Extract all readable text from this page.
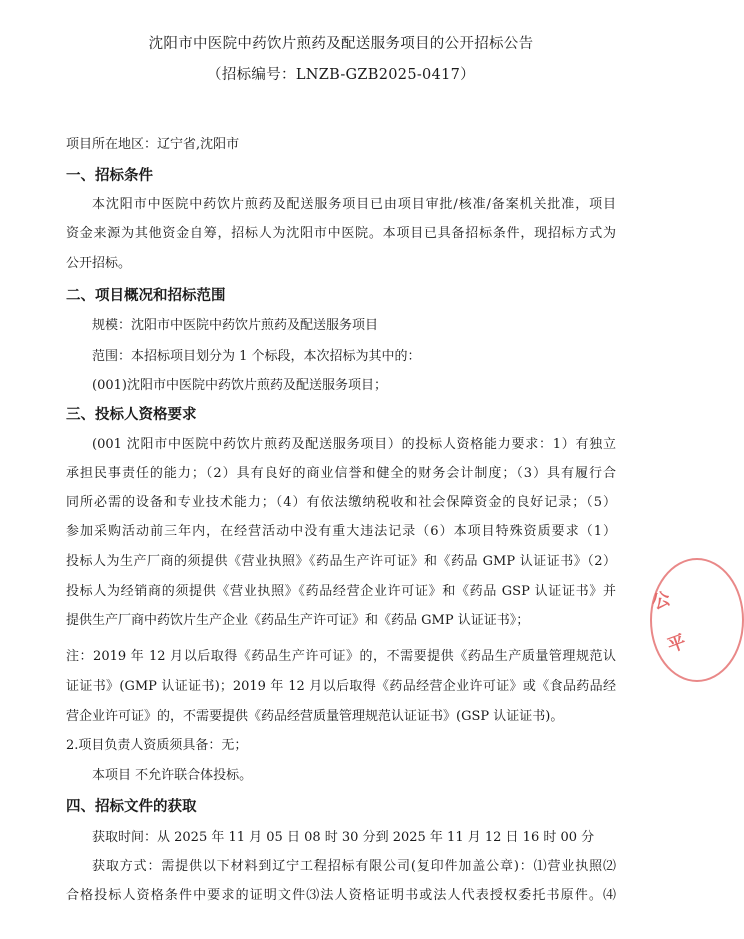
沈阳市中医院中药饮片煎药及配送服务项目的公开招标公告
（招标编号：LNZB-GZB2025-0417）
项目所在地区：辽宁省,沈阳市
一、招标条件
本沈阳市中医院中药饮片煎药及配送服务项目已由项目审批/核准/备案机关批准，项目
资金来源为其他资金自筹，招标人为沈阳市中医院。本项目已具备招标条件，现招标方式为
公开招标。
二、项目概况和招标范围
规模：沈阳市中医院中药饮片煎药及配送服务项目
范围：本招标项目划分为 1 个标段，本次招标为其中的：
(001)沈阳市中医院中药饮片煎药及配送服务项目；
三、投标人资格要求
(001 沈阳市中医院中药饮片煎药及配送服务项目）的投标人资格能力要求：1）有独立
承担民事责任的能力；（2）具有良好的商业信誉和健全的财务会计制度；（3）具有履行合
同所必需的设备和专业技术能力；（4）有依法缴纳税收和社会保障资金的良好记录；（5）
参加采购活动前三年内，在经营活动中没有重大违法记录（6）本项目特殊资质要求（1）
投标人为生产厂商的须提供《营业执照》《药品生产许可证》和《药品 GMP 认证证书》（2）
投标人为经销商的须提供《营业执照》《药品经营企业许可证》和《药品 GSP 认证证书》并
提供生产厂商中药饮片生产企业《药品生产许可证》和《药品 GMP 认证证书》；
注：2019 年 12 月以后取得《药品生产许可证》的，不需要提供《药品生产质量管理规范认
证证书》(GMP 认证证书)；2019 年 12 月以后取得《药品经营企业许可证》或《食品药品经
营企业许可证》的，不需要提供《药品经营质量管理规范认证证书》(GSP 认证证书)。
2.项目负责人资质须具备：无；
本项目 不允许联合体投标。
四、招标文件的获取
获取时间：从 2025 年 11 月 05 日 08 时 30 分到 2025 年 11 月 12 日 16 时 00 分
获取方式：需提供以下材料到辽宁工程招标有限公司(复印件加盖公章)：⑴营业执照⑵
合格投标人资格条件中要求的证明文件⑶法人资格证明书或法人代表授权委托书原件。⑷
公 平
